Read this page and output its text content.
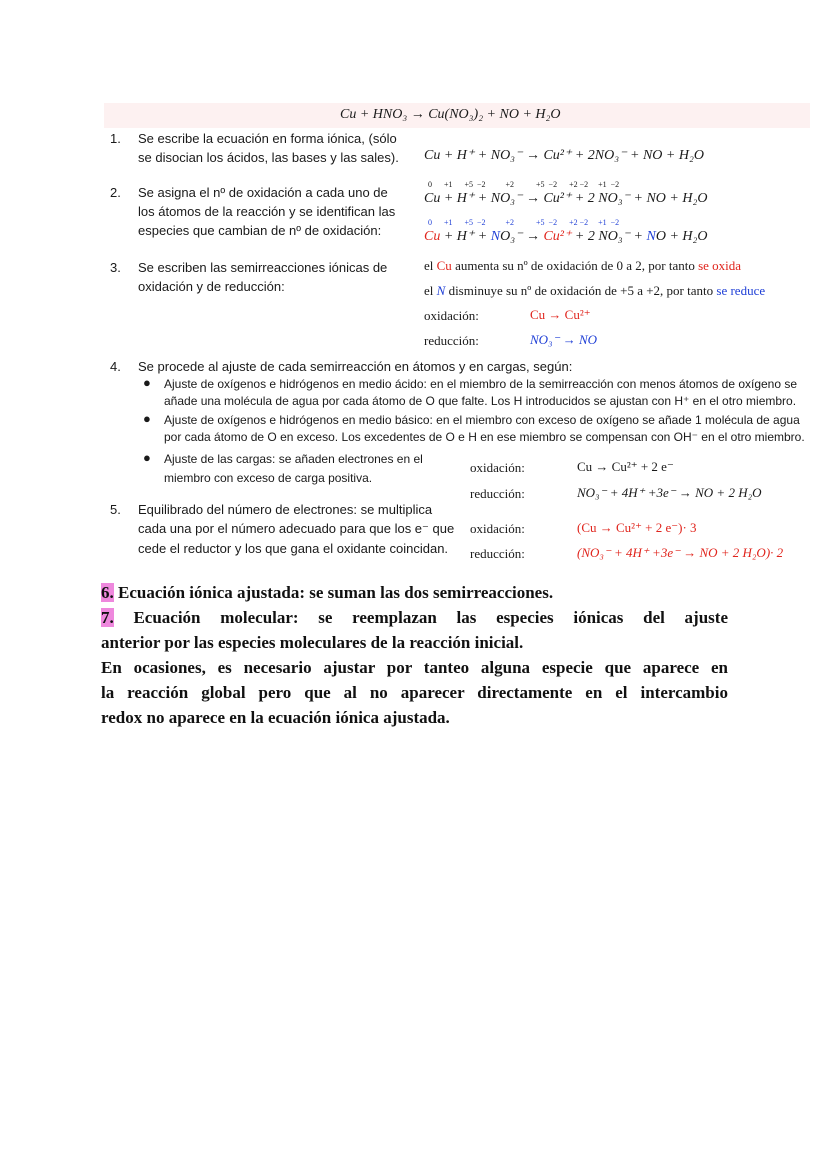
Cu + HNO₃ → Cu(NO₃)₂ + NO + H₂O
1. Se escribe la ecuación en forma iónica, (sólo
se disocian los ácidos, las bases y las sales). Cu + H⁺ + NO₃⁻ → Cu²⁺ + 2NO₃⁻ + NO + H₂O
2. Se asigna el nº de oxidación a cada uno de
los átomos de la reacción y se identifican las
especies que cambian de nº de oxidación:
0      +1      +5  −2          +2           +5  −2      +2 −2     +1  −2
Cu + H⁺ + NO₃⁻ → Cu²⁺ + 2 NO₃⁻ + NO + H₂O
0      +1      +5  −2          +2           +5  −2      +2 −2     +1  −2
Cu + H⁺ + NO₃⁻ → Cu²⁺ + 2 NO₃⁻ + NO + H₂O
3. Se escriben las semirreacciones iónicas de
oxidación y de reducción:
el Cu aumenta su nº de oxidación de 0 a 2, por tanto se oxida
el N disminuye su nº de oxidación de +5 a +2, por tanto se reduce
oxidación:	Cu → Cu²⁺
reducción:	NO₃⁻ → NO
4. Se procede al ajuste de cada semirreacción en átomos y en cargas, según:
● Ajuste de oxígenos e hidrógenos en medio ácido: en el miembro de la semirreacción con menos átomos de oxígeno se
añade una molécula de agua por cada átomo de O que falte. Los H introducidos se ajustan con H⁺ en el otro miembro.
● Ajuste de oxígenos e hidrógenos en medio básico: en el miembro con exceso de oxígeno se añade 1 molécula de agua
por cada átomo de O en exceso. Los excedentes de O e H en ese miembro se compensan con OH⁻ en el otro miembro.
● Ajuste de las cargas: se añaden electrones en el
miembro con exceso de carga positiva.
oxidación:	Cu → Cu²⁺ + 2 e⁻
reducción:	NO₃⁻ + 4H⁺ +3e⁻ → NO + 2 H₂O
5. Equilibrado del número de electrones: se multiplica
cada una por el número adecuado para que los e⁻ que
cede el reductor y los que gana el oxidante coincidan.
oxidación:	(Cu → Cu²⁺ + 2 e⁻)· 3
reducción:	(NO₃⁻ + 4H⁺ +3e⁻ → NO + 2 H₂O)· 2
6. Ecuación iónica ajustada: se suman las dos semirreacciones.
7. Ecuación molecular: se reemplazan las especies iónicas del ajuste
anterior por las especies moleculares de la reacción inicial.
En ocasiones, es necesario ajustar por tanteo alguna especie que aparece en
la reacción global pero que al no aparecer directamente en el intercambio
redox no aparece en la ecuación iónica ajustada.
